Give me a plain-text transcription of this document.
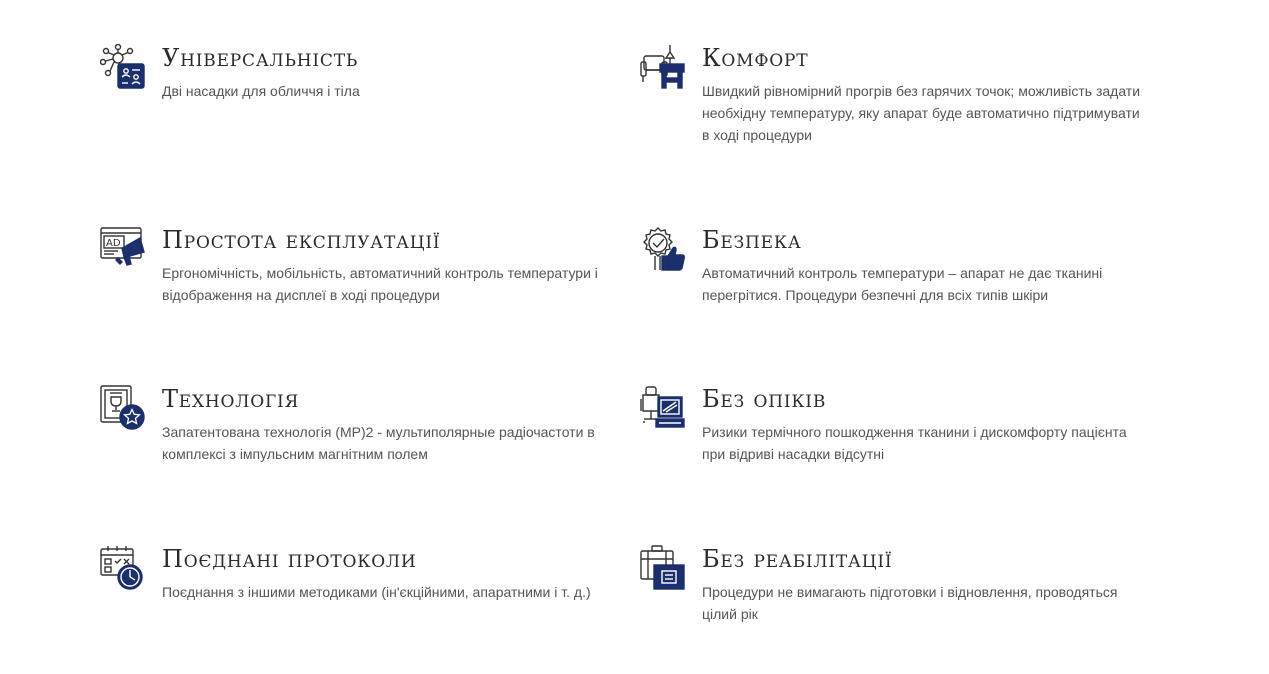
Універсальність

Дві насадки для обличчя і тіла

Комфорт

Швидкий рівномірний прогрів без гарячих точок; можливість задати необхідну температуру, яку апарат буде автоматично підтримувати в ході процедури

AD Простота експлуатації

Ергономічність, мобільність, автоматичний контроль температури і відображення на дисплеї в ході процедури

Безпека

Автоматичний контроль температури – апарат не дає тканині перегрітися. Процедури безпечні для всіх типів шкіри

Технологія

Запатентована технологія (MP)2 - мультиполярные радіочастоти в комплексі з імпульсним магнітним полем

Без опіків

Ризики термічного пошкодження тканини і дискомфорту пацієнта при відриві насадки відсутні

Поєднані протоколи

Поєднання з іншими методиками (ін'єкційними, апаратними і т. д.)

Без реабілітації

Процедури не вимагають підготовки і відновлення, проводяться цілий рік
